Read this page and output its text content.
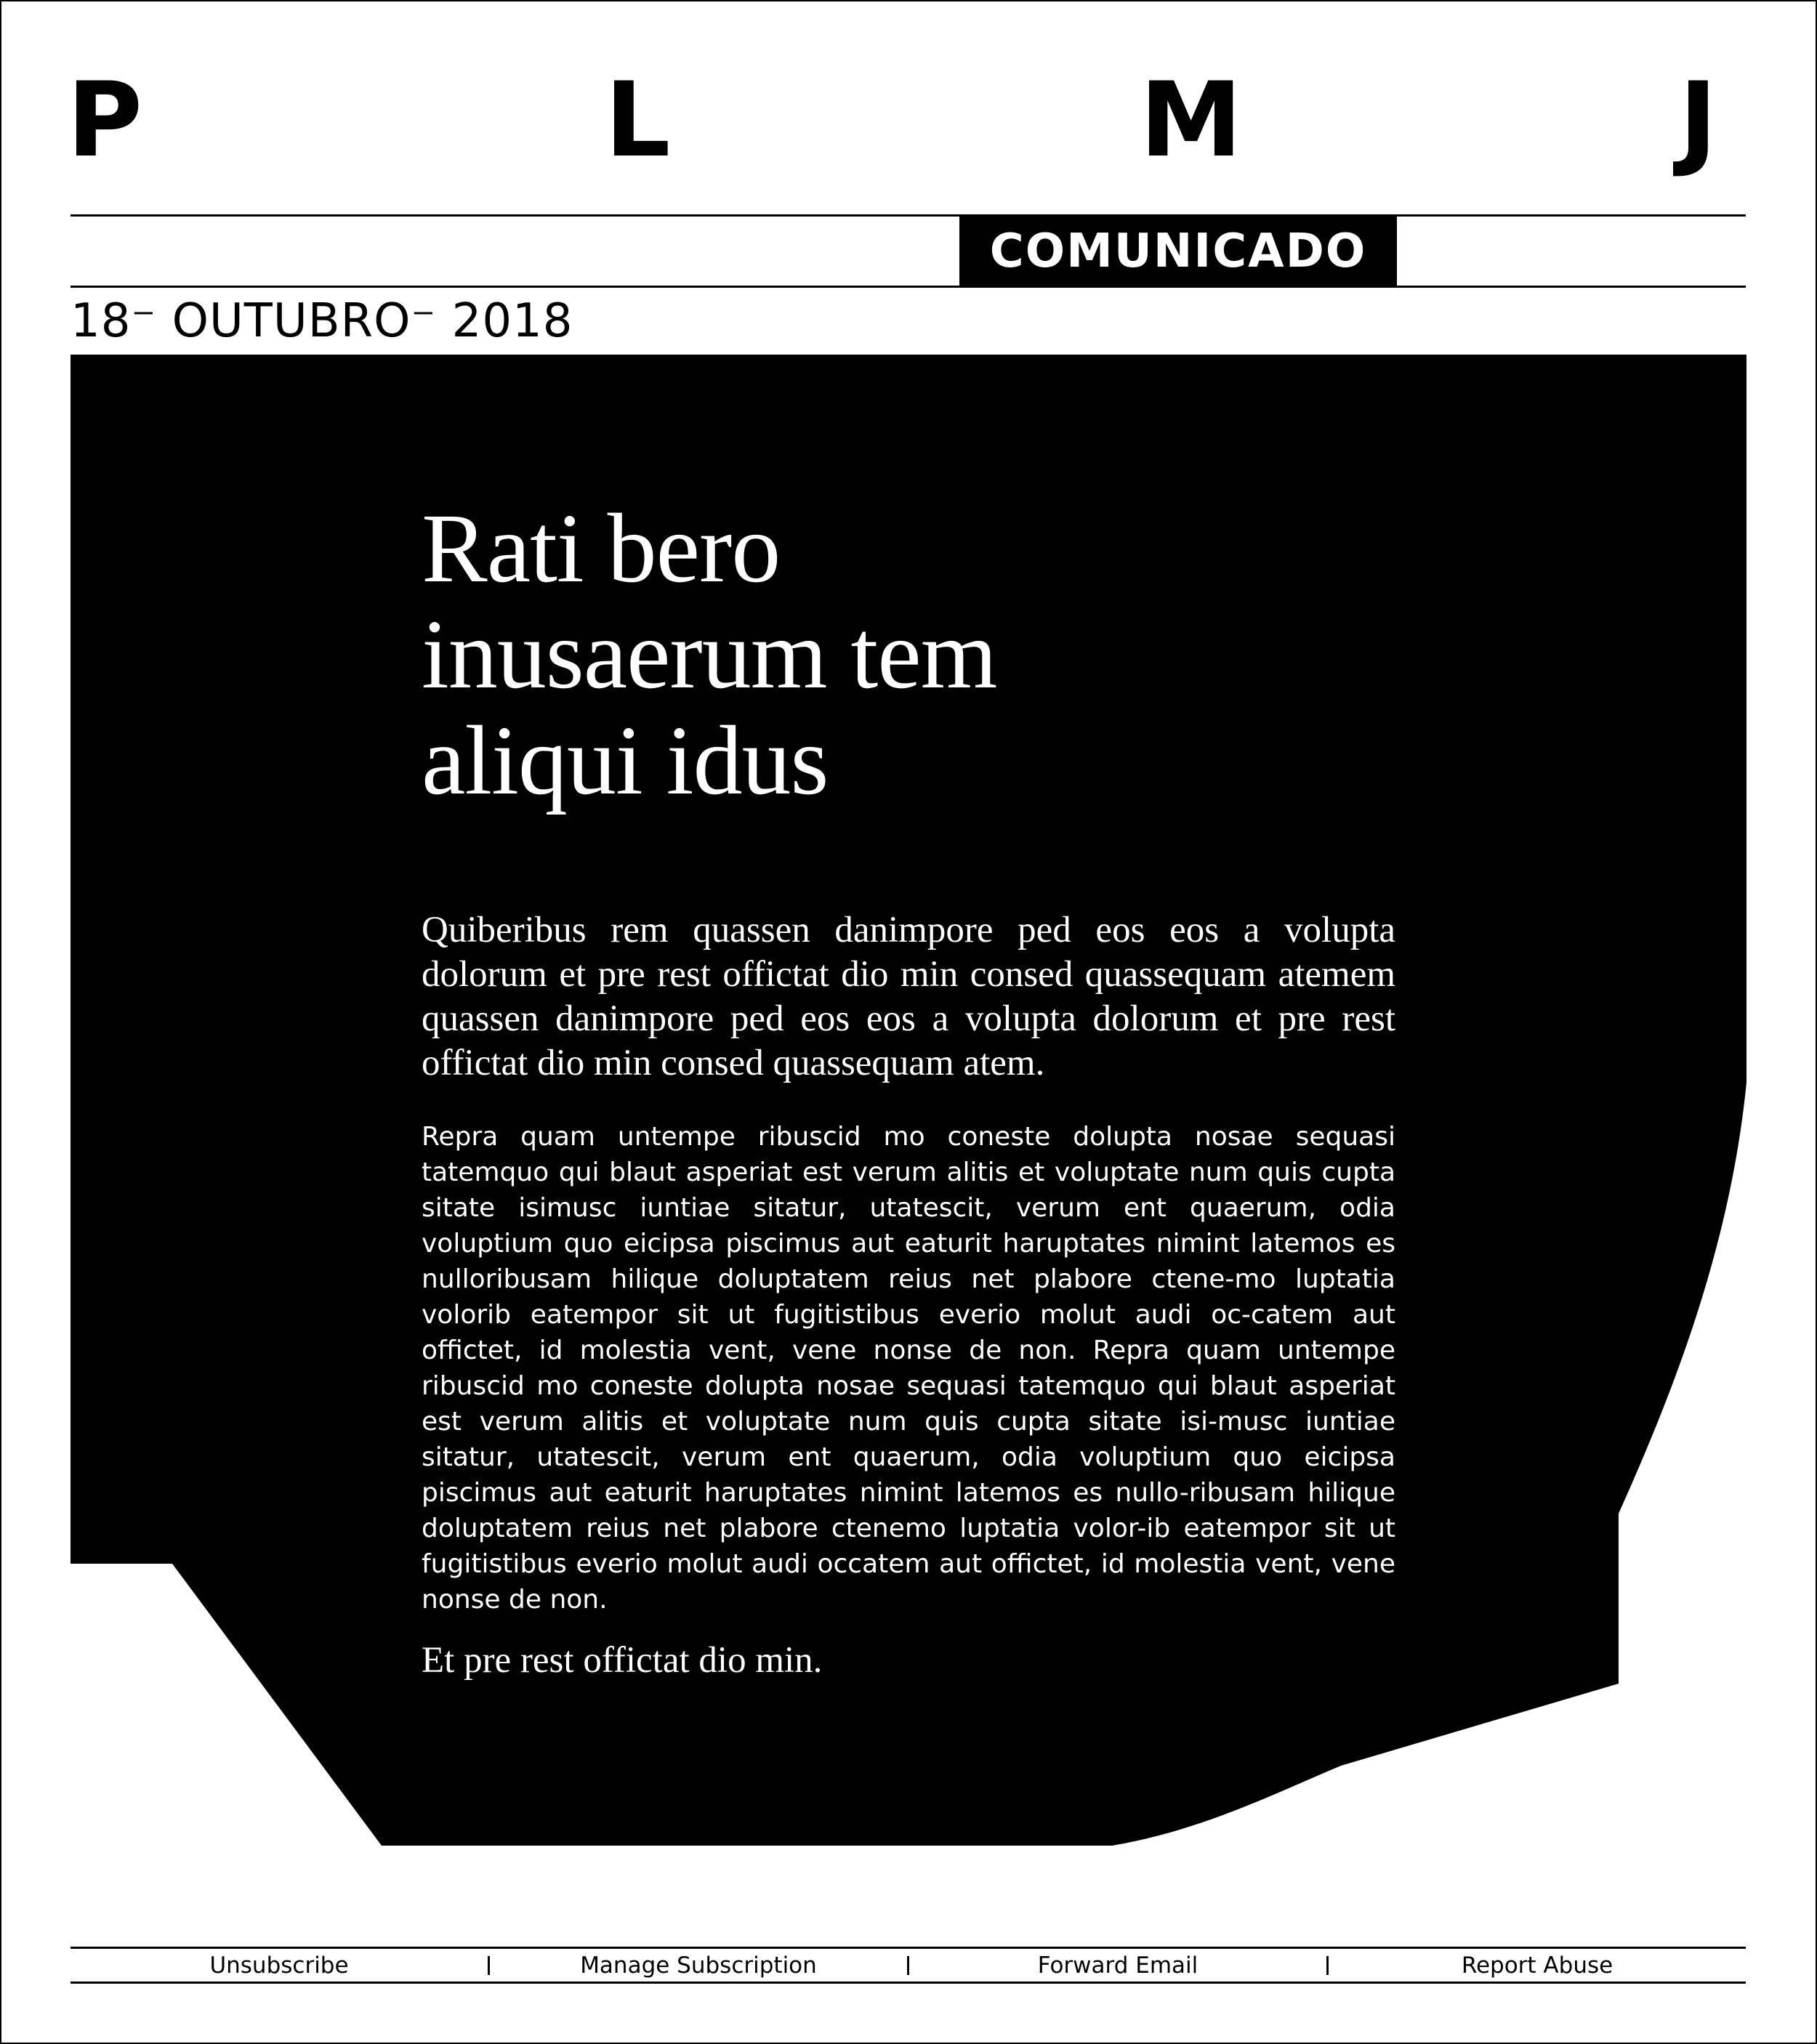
P	L	M	J
COMUNICADO
18⁻ OUTUBRO⁻ 2018
Rati bero
inusaerum tem
aliqui idus

Quiberibus rem quassen danimpore ped eos eos a volupta dolorum et pre rest offictat dio min consed quassequam atemem quassen danimpore ped eos eos a volupta dolorum et pre rest offictat dio min consed quassequam atem.

Repra quam untempe ribuscid mo coneste dolupta nosae sequasi tatemquo qui blaut asperiat est verum alitis et voluptate num quis cupta sitate isimusc iuntiae sitatur, utatescit, verum ent quaerum, odia voluptium quo eicipsa piscimus aut eaturit haruptates nimint latemos es nulloribusam hilique doluptatem reius net plabore ctene-mo luptatia volorib eatempor sit ut fugitistibus everio molut audi oc-catem aut offictet, id molestia vent, vene nonse de non. Repra quam untempe ribuscid mo coneste dolupta nosae sequasi tatemquo qui blaut asperiat est verum alitis et voluptate num quis cupta sitate isi-musc iuntiae sitatur, utatescit, verum ent quaerum, odia voluptium quo eicipsa piscimus aut eaturit haruptates nimint latemos es nullo-ribusam hilique doluptatem reius net plabore ctenemo luptatia volor-ib eatempor sit ut fugitistibus everio molut audi occatem aut offictet, id molestia vent, vene nonse de non.

Et pre rest offictat dio min.

Unsubscribe	Manage Subscription	Forward Email	Report Abuse
